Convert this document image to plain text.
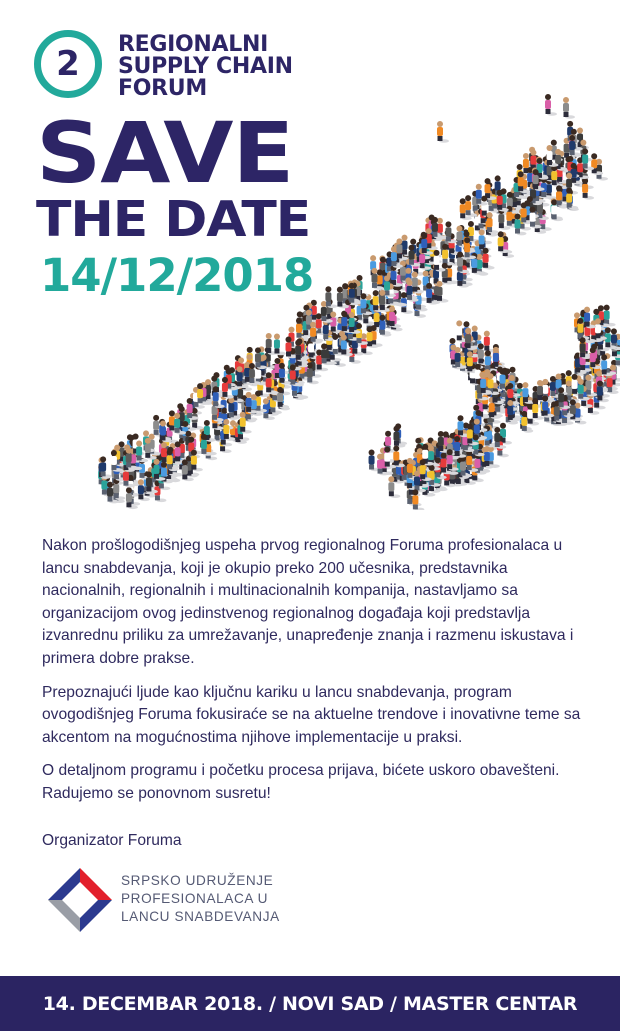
2	REGIONALNI
SUPPLY CHAIN
FORUM
SAVE
THE DATE
14/12/2018

Nakon prošlogodišnjeg uspeha prvog regionalnog Foruma profesionalaca u lancu snabdevanja, koji je okupio preko 200 učesnika, predstavnika nacionalnih, regionalnih i multinacionalnih kompanija, nastavljamo sa organizacijom ovog jedinstvenog regionalnog događaja koji predstavlja izvanrednu priliku za umrežavanje, unapređenje znanja i razmenu iskustava i primera dobre prakse.

Prepoznajući ljude kao ključnu kariku u lancu snabdevanja, program ovogodišnjeg Foruma fokusiraće se na aktuelne trendove i inovativne teme sa akcentom na mogućnostima njihove implementacije u praksi.

O detaljnom programu i početku procesa prijava, bićete uskoro obavešteni. Radujemo se ponovnom susretu!

Organizator Foruma
SRPSKO UDRUŽENJE
PROFESIONALACA U
LANCU SNABDEVANJA
14. DECEMBAR 2018. / NOVI SAD / MASTER CENTAR
